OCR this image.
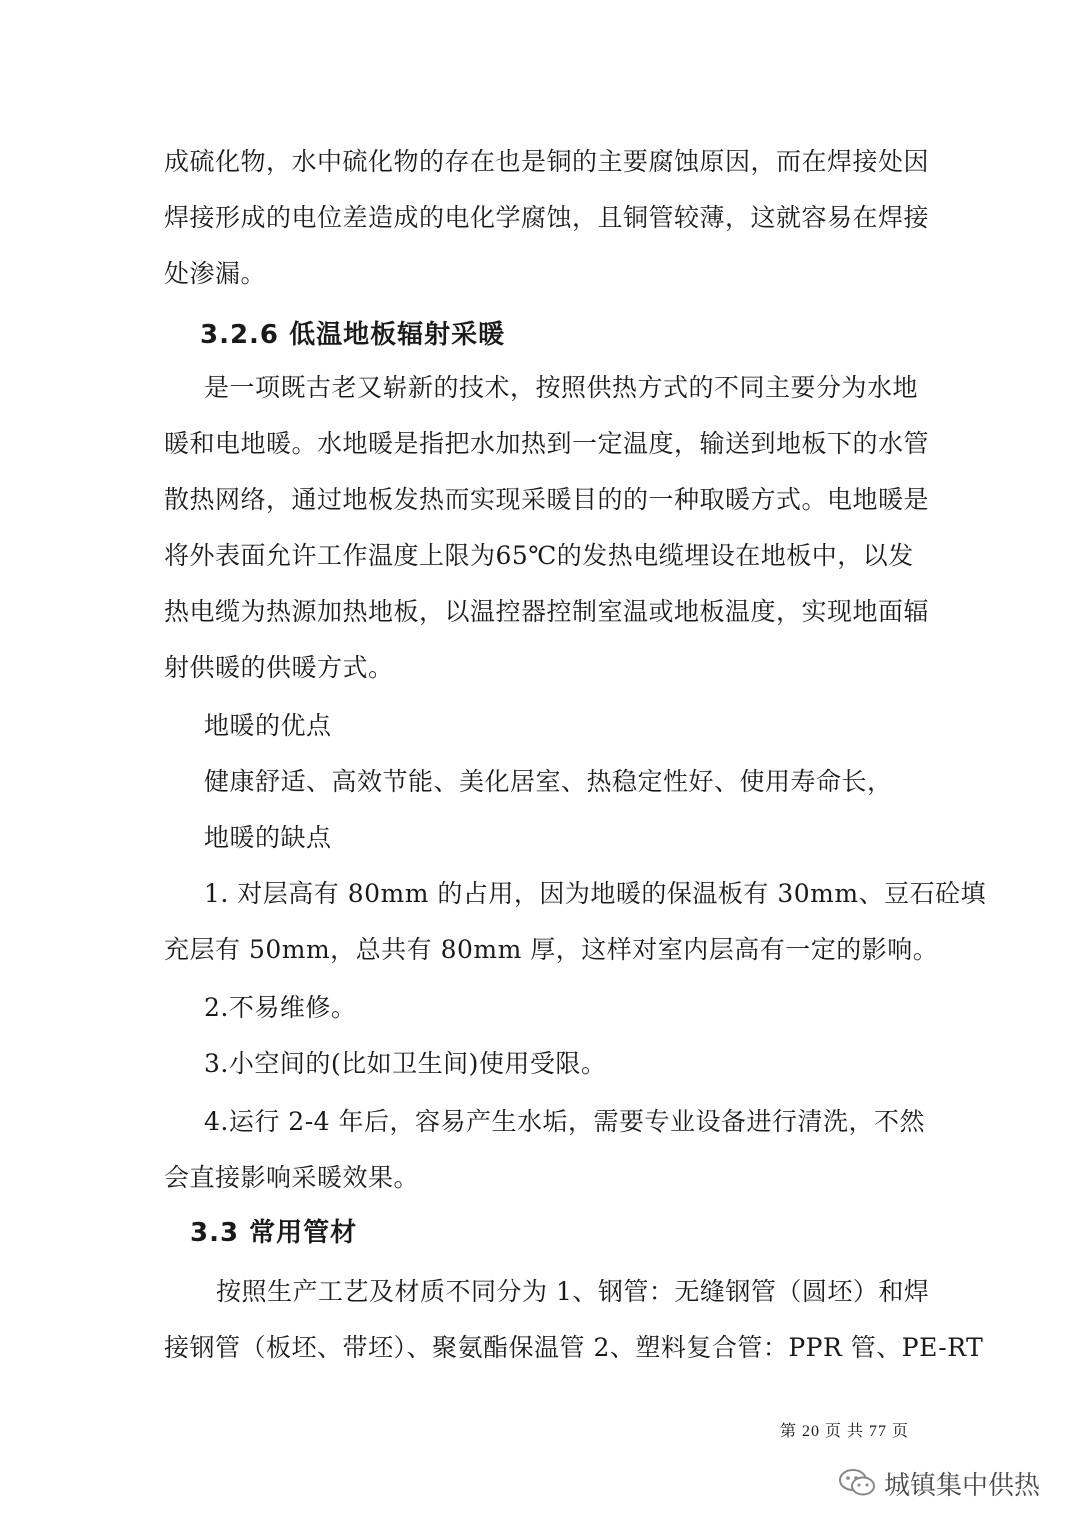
成硫化物，水中硫化物的存在也是铜的主要腐蚀原因，而在焊接处因
焊接形成的电位差造成的电化学腐蚀，且铜管较薄，这就容易在焊接
处渗漏。
3.2.6 低温地板辐射采暖
是一项既古老又崭新的技术，按照供热方式的不同主要分为水地
暖和电地暖。水地暖是指把水加热到一定温度，输送到地板下的水管
散热网络，通过地板发热而实现采暖目的的一种取暖方式。电地暖是
将外表面允许工作温度上限为65℃的发热电缆埋设在地板中，以发
热电缆为热源加热地板，以温控器控制室温或地板温度，实现地面辐
射供暖的供暖方式。
地暖的优点
健康舒适、高效节能、美化居室、热稳定性好、使用寿命长，
地暖的缺点
1. 对层高有 80mm 的占用，因为地暖的保温板有 30mm、豆石砼填
充层有 50mm，总共有 80mm 厚，这样对室内层高有一定的影响。
2.不易维修。
3.小空间的(比如卫生间)使用受限。
4.运行 2-4 年后，容易产生水垢，需要专业设备进行清洗，不然
会直接影响采暖效果。
3.3 常用管材
按照生产工艺及材质不同分为 1、钢管：无缝钢管（圆坯）和焊
接钢管（板坯、带坯）、聚氨酯保温管 2、塑料复合管：PPR 管、PE-RT
第 20 页 共 77 页
城镇集中供热
